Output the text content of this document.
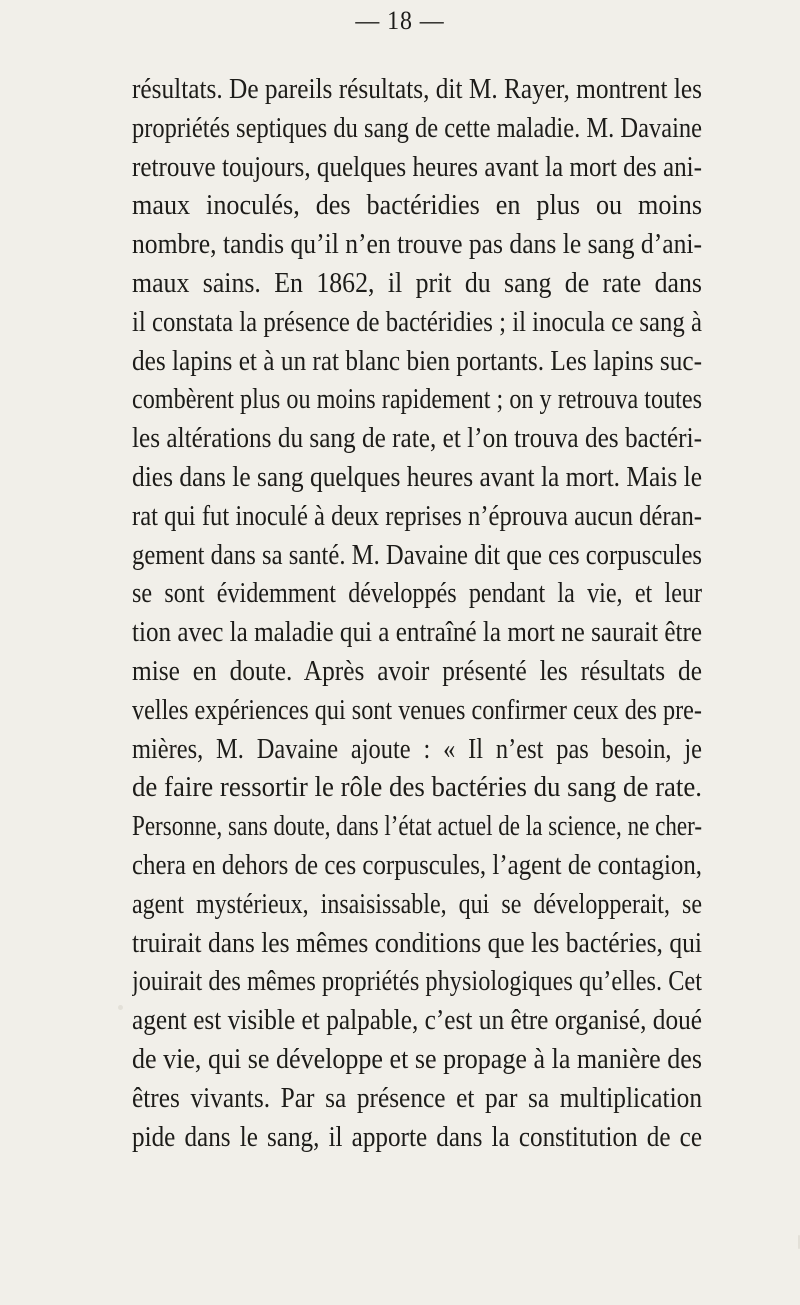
— 18 —
résultats. De pareils résultats, dit M. Rayer, montrent les
propriétés septiques du sang de cette maladie. M. Davaine
retrouve toujours, quelques heures avant la mort des ani-
maux inoculés, des bactéridies en plus ou moins
nombre, tandis qu’il n’en trouve pas dans le sang d’ani-
maux sains. En 1862, il prit du sang de rate dans
il constata la présence de bactéridies ; il inocula ce sang à
des lapins et à un rat blanc bien portants. Les lapins suc-
combèrent plus ou moins rapidement ; on y retrouva toutes
les altérations du sang de rate, et l’on trouva des bactéri-
dies dans le sang quelques heures avant la mort. Mais le
rat qui fut inoculé à deux reprises n’éprouva aucun déran-
gement dans sa santé. M. Davaine dit que ces corpuscules
se sont évidemment développés pendant la vie, et leur
tion avec la maladie qui a entraîné la mort ne saurait être
mise en doute. Après avoir présenté les résultats de
velles expériences qui sont venues confirmer ceux des pre-
mières, M. Davaine ajoute : « Il n’est pas besoin, je
de faire ressortir le rôle des bactéries du sang de rate.
Personne, sans doute, dans l’état actuel de la science, ne cher-
chera en dehors de ces corpuscules, l’agent de contagion,
agent mystérieux, insaisissable, qui se développerait, se
truirait dans les mêmes conditions que les bactéries, qui
jouirait des mêmes propriétés physiologiques qu’elles. Cet
agent est visible et palpable, c’est un être organisé, doué
de vie, qui se développe et se propage à la manière des
êtres vivants. Par sa présence et par sa multiplication
pide dans le sang, il apporte dans la constitution de ce
